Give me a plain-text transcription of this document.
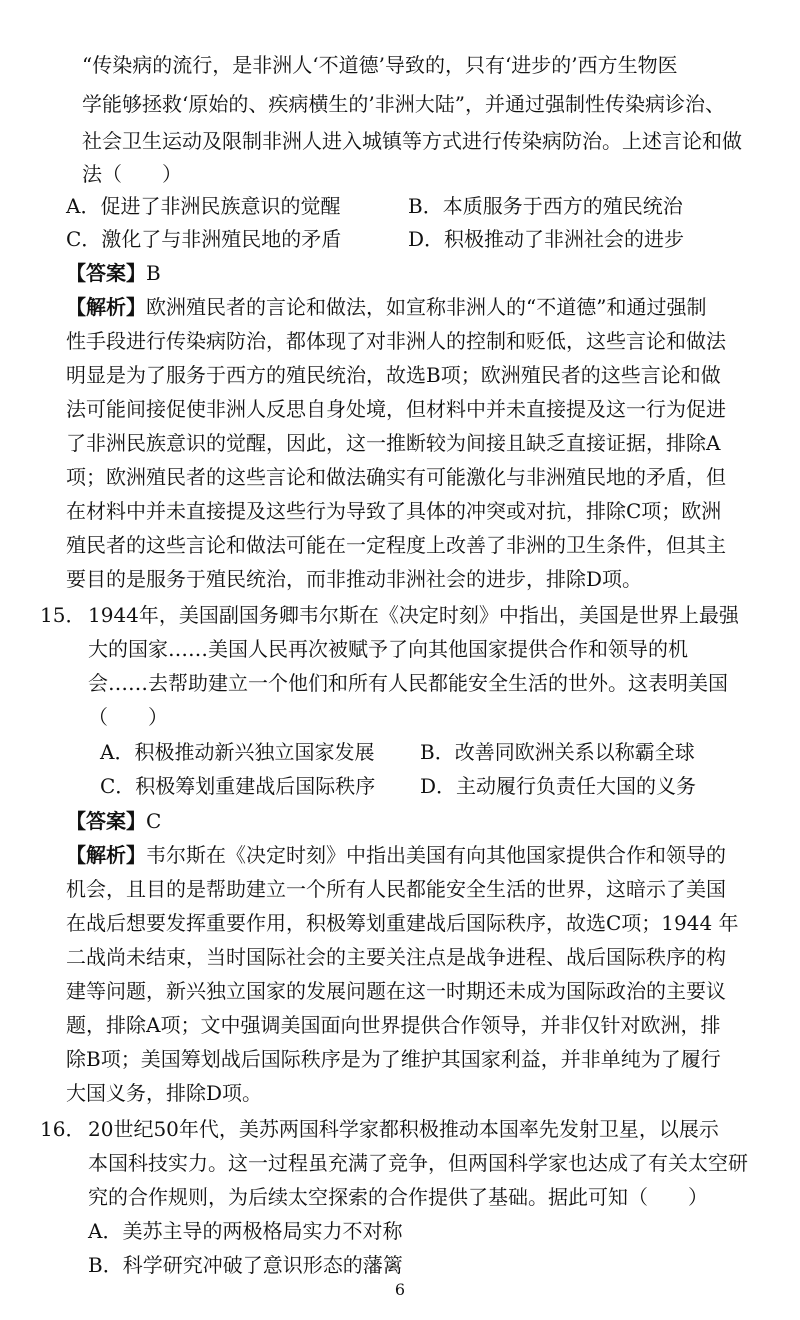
“传染病的流行，是非洲人‘不道德’导致的，只有‘进步的’西方生物医
学能够拯救‘原始的、疾病横生的’非洲大陆”，并通过强制性传染病诊治、
社会卫生运动及限制非洲人进入城镇等方式进行传染病防治。上述言论和做
法（　　）
A．促进了非洲民族意识的觉醒	B．本质服务于西方的殖民统治
C．激化了与非洲殖民地的矛盾	D．积极推动了非洲社会的进步
【答案】B
【解析】欧洲殖民者的言论和做法，如宣称非洲人的“不道德”和通过强制
性手段进行传染病防治，都体现了对非洲人的控制和贬低，这些言论和做法
明显是为了服务于西方的殖民统治，故选B项；欧洲殖民者的这些言论和做
法可能间接促使非洲人反思自身处境，但材料中并未直接提及这一行为促进
了非洲民族意识的觉醒，因此，这一推断较为间接且缺乏直接证据，排除A
项；欧洲殖民者的这些言论和做法确实有可能激化与非洲殖民地的矛盾，但
在材料中并未直接提及这些行为导致了具体的冲突或对抗，排除C项；欧洲
殖民者的这些言论和做法可能在一定程度上改善了非洲的卫生条件，但其主
要目的是服务于殖民统治，而非推动非洲社会的进步，排除D项。
15． 1944年，美国副国务卿韦尔斯在《决定时刻》中指出，美国是世界上最强
大的国家……美国人民再次被赋予了向其他国家提供合作和领导的机
会……去帮助建立一个他们和所有人民都能安全生活的世外。这表明美国
（　　）
A．积极推动新兴独立国家发展 B．改善同欧洲关系以称霸全球
C．积极筹划重建战后国际秩序 D．主动履行负责任大国的义务
【答案】C
【解析】韦尔斯在《决定时刻》中指出美国有向其他国家提供合作和领导的
机会，且目的是帮助建立一个所有人民都能安全生活的世界，这暗示了美国
在战后想要发挥重要作用，积极筹划重建战后国际秩序，故选C项；1944 年
二战尚未结束，当时国际社会的主要关注点是战争进程、战后国际秩序的构
建等问题，新兴独立国家的发展问题在这一时期还未成为国际政治的主要议
题，排除A项；文中强调美国面向世界提供合作领导，并非仅针对欧洲，排
除B项；美国筹划战后国际秩序是为了维护其国家利益，并非单纯为了履行
大国义务，排除D项。
16． 20世纪50年代，美苏两国科学家都积极推动本国率先发射卫星，以展示
本国科技实力。这一过程虽充满了竞争，但两国科学家也达成了有关太空研
究的合作规则，为后续太空探索的合作提供了基础。据此可知（　　）
A．美苏主导的两极格局实力不对称
B．科学研究冲破了意识形态的藩篱
6
